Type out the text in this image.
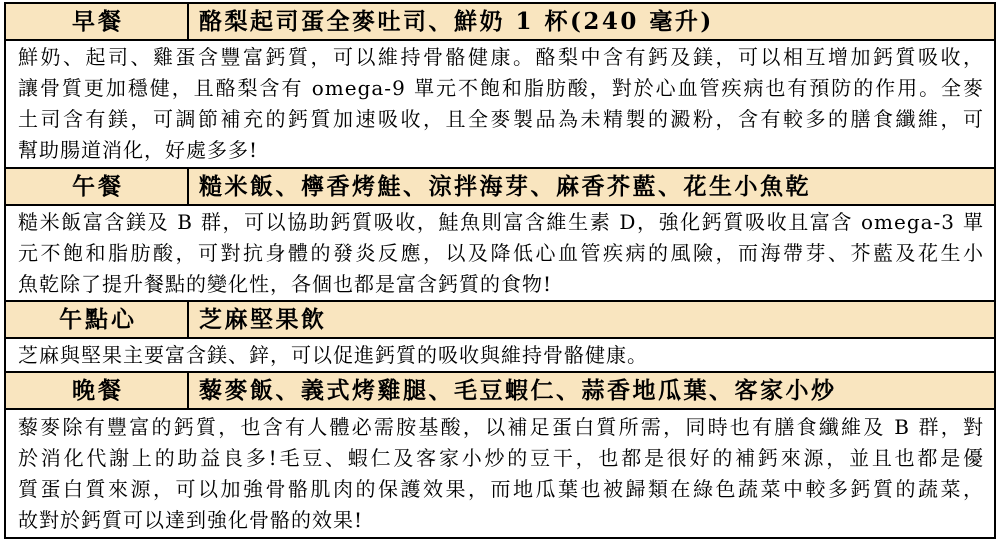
早餐	酪梨起司蛋全麥吐司、鮮奶 1 杯(240 毫升)
鮮奶、起司、雞蛋含豐富鈣質，可以維持骨骼健康。酪梨中含有鈣及鎂，可以相互增加鈣質吸收，
讓骨質更加穩健，且酪梨含有 omega-9 單元不飽和脂肪酸，對於心血管疾病也有預防的作用。全麥
土司含有鎂，可調節補充的鈣質加速吸收，且全麥製品為未精製的澱粉，含有較多的膳食纖維，可
幫助腸道消化，好處多多!
午餐	糙米飯、檸香烤鮭、涼拌海芽、麻香芥藍、花生小魚乾
糙米飯富含鎂及 B 群，可以協助鈣質吸收，鮭魚則富含維生素 D，強化鈣質吸收且富含 omega-3 單
元不飽和脂肪酸，可對抗身體的發炎反應，以及降低心血管疾病的風險，而海帶芽、芥藍及花生小
魚乾除了提升餐點的變化性，各個也都是富含鈣質的食物!
午點心	芝麻堅果飲
芝麻與堅果主要富含鎂、鋅，可以促進鈣質的吸收與維持骨骼健康。
晚餐	藜麥飯、義式烤雞腿、毛豆蝦仁、蒜香地瓜葉、客家小炒
藜麥除有豐富的鈣質，也含有人體必需胺基酸，以補足蛋白質所需，同時也有膳食纖維及 B 群，對
於消化代謝上的助益良多!毛豆、蝦仁及客家小炒的豆干，也都是很好的補鈣來源，並且也都是優
質蛋白質來源，可以加強骨骼肌肉的保護效果，而地瓜葉也被歸類在綠色蔬菜中較多鈣質的蔬菜，
故對於鈣質可以達到強化骨骼的效果!
